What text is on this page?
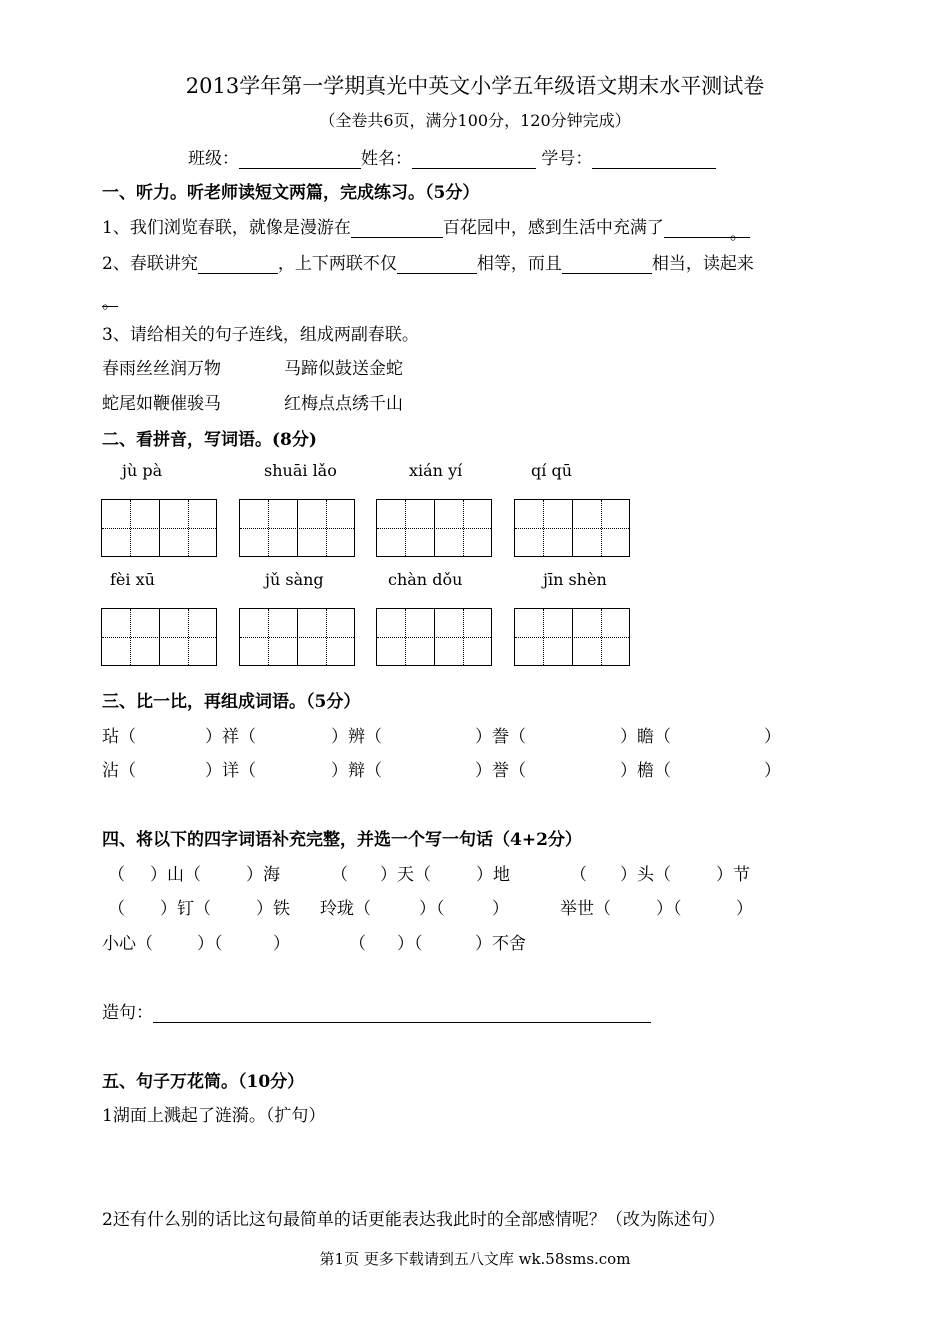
2013学年第一学期真光中英文小学五年级语文期末水平测试卷
（全卷共6页，满分100分，120分钟完成）
班级：	姓名：	学号：
一、听力。听老师读短文两篇，完成练习。（5分）
1、我们浏览春联，就像是漫游在	百花园中，感到生活中充满了	。
2、春联讲究	，上下两联不仅	相等，而且	相当，读起来
。
3、请给相关的句子连线，组成两副春联。
春雨丝丝润万物	马蹄似鼓送金蛇
蛇尾如鞭催骏马	红梅点点绣千山
二、看拼音，写词语。(8分)
jù pà	shuāi lǎo	xián yí	qí qū
fèi xū	jǔ sàng	chàn dǒu	jīn shèn
三、比一比，再组成词语。（5分）
玷（	）祥（	）辨（	）誊（	）瞻（	）
沾（	）详（	）辩（	）誉（	）檐（	）
四、将以下的四字词语补充完整，并选一个写一句话（4+2分）
（ ）山（	）海	（ ）天（	）地	（ ）头（	）节
（ ）钉（	）铁 玲珑（	）（	）	举世（	）（	）
小心（	）（	）	（ ）（	）不舍
造句：
五、句子万花筒。（10分）
1湖面上溅起了涟漪。（扩句）
2还有什么别的话比这句最简单的话更能表达我此时的全部感情呢？（改为陈述句）
第1页 更多下载请到五八文库 wk.58sms.com
